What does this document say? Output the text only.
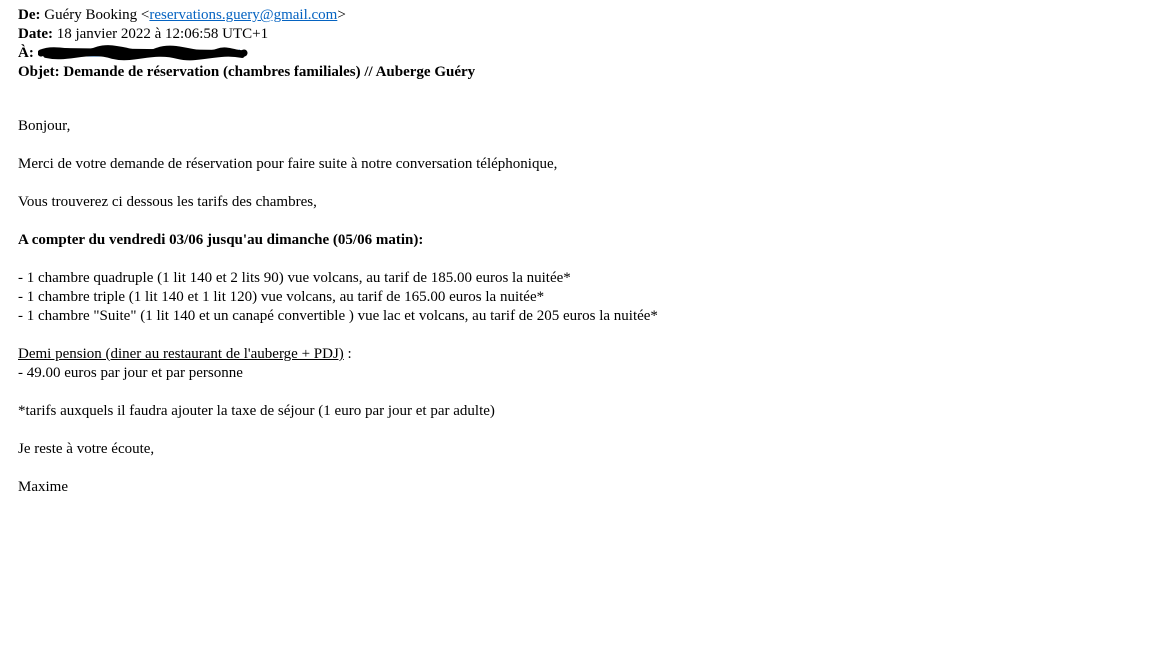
De: Guéry Booking <reservations.guery@gmail.com>
Date: 18 janvier 2022 à 12:06:58 UTC+1
À:
Objet: Demande de réservation (chambres familiales) // Auberge Guéry
Bonjour,
Merci de votre demande de réservation pour faire suite à notre conversation téléphonique,
Vous trouverez ci dessous les tarifs des chambres,
A compter du vendredi 03/06 jusqu'au dimanche (05/06 matin):
- 1 chambre quadruple (1 lit 140 et 2 lits 90) vue volcans, au tarif de 185.00 euros la nuitée*
- 1 chambre triple (1 lit 140 et 1 lit 120) vue volcans, au tarif de 165.00 euros la nuitée*
- 1 chambre "Suite" (1 lit 140 et un canapé convertible ) vue lac et volcans, au tarif de 205 euros la nuitée*
Demi pension (diner au restaurant de l'auberge + PDJ) :
- 49.00 euros par jour et par personne
*tarifs auxquels il faudra ajouter la taxe de séjour (1 euro par jour et par adulte)
Je reste à votre écoute,
Maxime
